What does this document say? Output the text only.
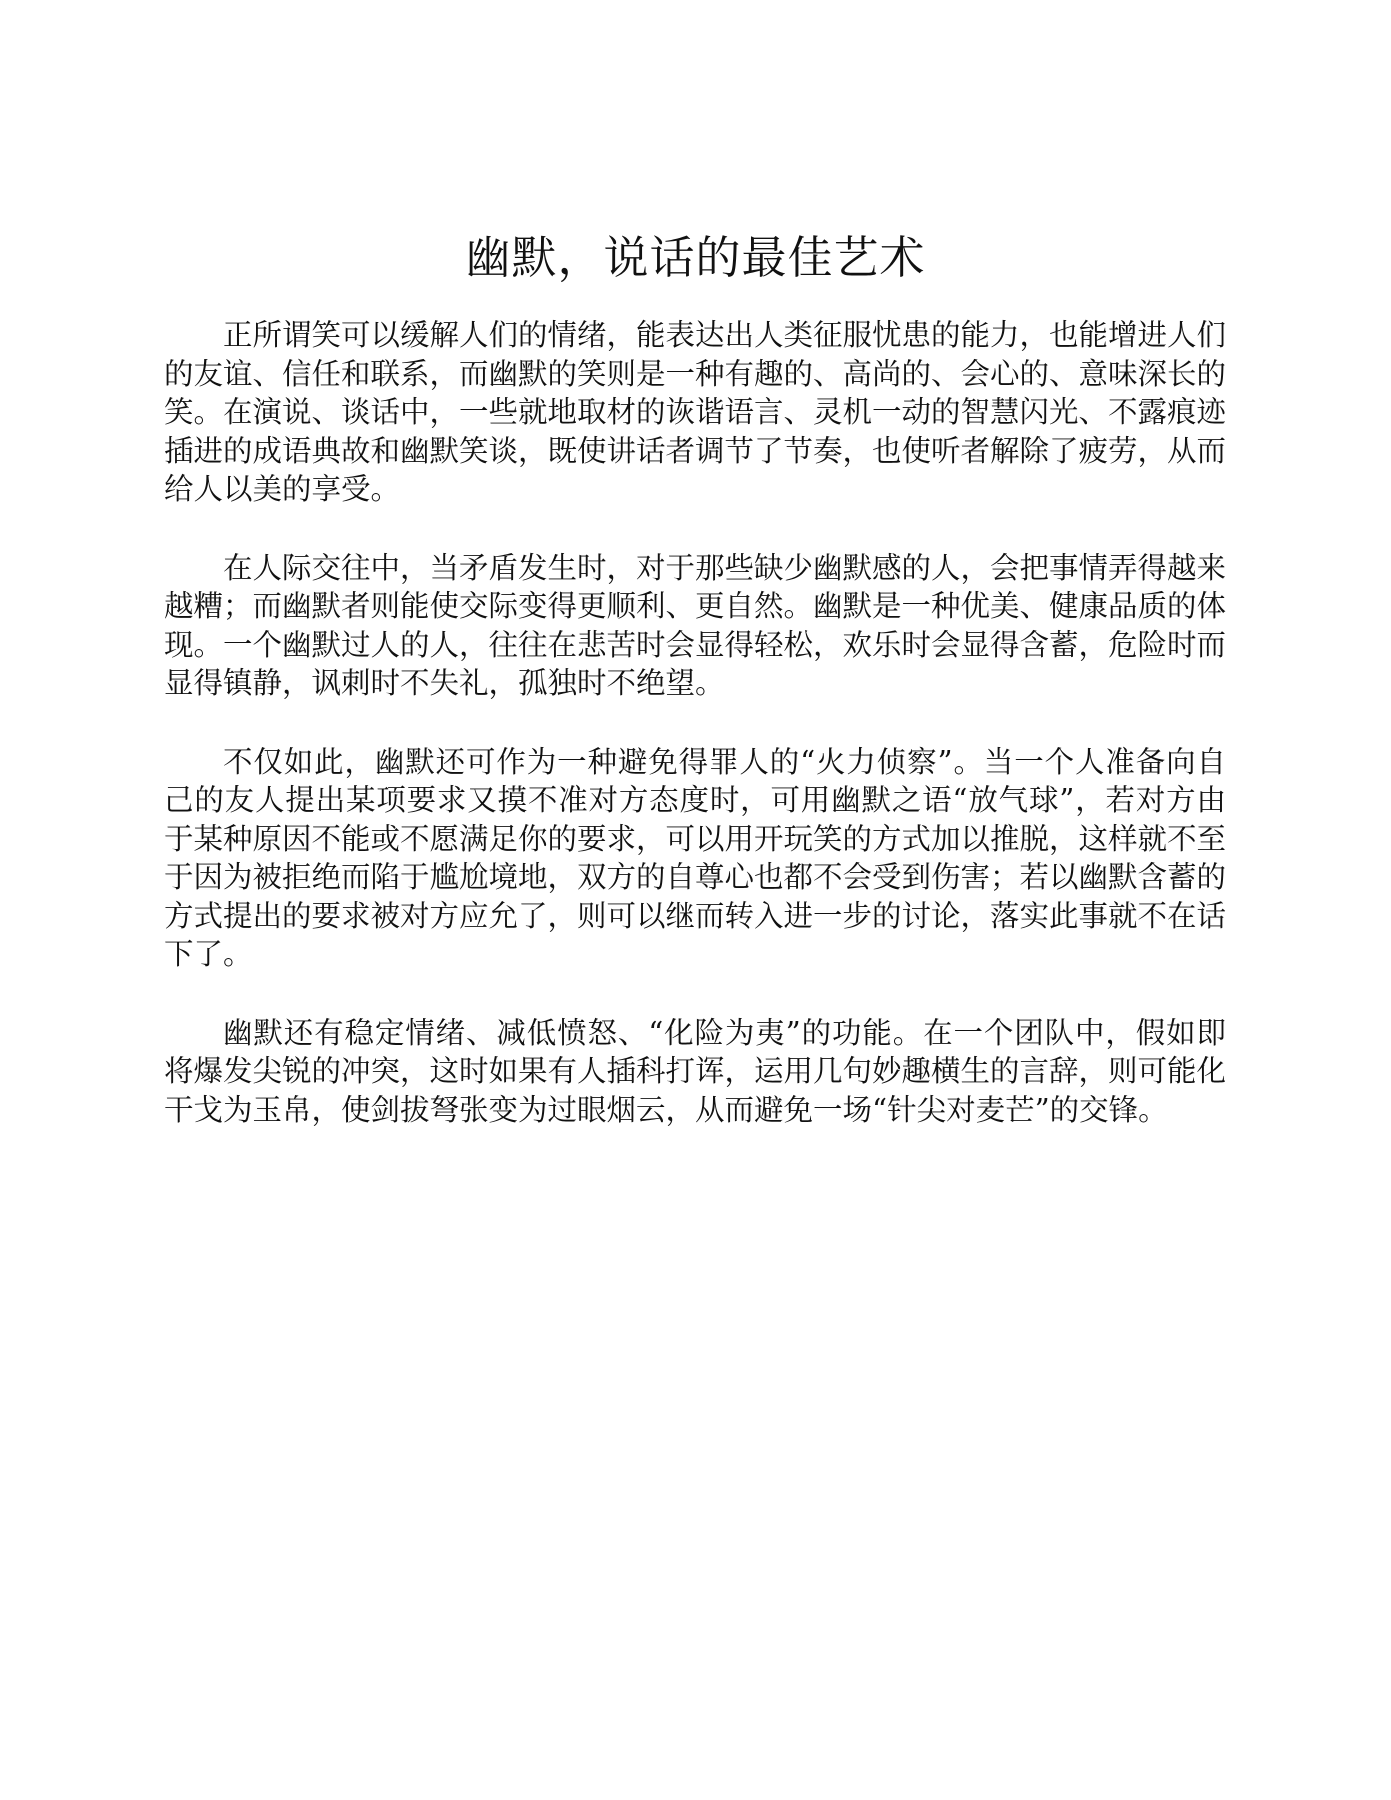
幽默，说话的最佳艺术

正所谓笑可以缓解人们的情绪，能表达出人类征服忧患的能力，也能增进人们的友谊、信任和联系，而幽默的笑则是一种有趣的、高尚的、会心的、意味深长的笑。在演说、谈话中，一些就地取材的诙谐语言、灵机一动的智慧闪光、不露痕迹插进的成语典故和幽默笑谈，既使讲话者调节了节奏，也使听者解除了疲劳，从而给人以美的享受。

在人际交往中，当矛盾发生时，对于那些缺少幽默感的人，会把事情弄得越来越糟；而幽默者则能使交际变得更顺利、更自然。幽默是一种优美、健康品质的体现。一个幽默过人的人，往往在悲苦时会显得轻松，欢乐时会显得含蓄，危险时而显得镇静，讽刺时不失礼，孤独时不绝望。

不仅如此，幽默还可作为一种避免得罪人的“火力侦察”。当一个人准备向自己的友人提出某项要求又摸不准对方态度时，可用幽默之语“放气球”，若对方由于某种原因不能或不愿满足你的要求，可以用开玩笑的方式加以推脱，这样就不至于因为被拒绝而陷于尴尬境地，双方的自尊心也都不会受到伤害；若以幽默含蓄的方式提出的要求被对方应允了，则可以继而转入进一步的讨论，落实此事就不在话下了。

幽默还有稳定情绪、减低愤怒、“化险为夷”的功能。在一个团队中，假如即将爆发尖锐的冲突，这时如果有人插科打诨，运用几句妙趣横生的言辞，则可能化干戈为玉帛，使剑拔弩张变为过眼烟云，从而避免一场“针尖对麦芒”的交锋。
